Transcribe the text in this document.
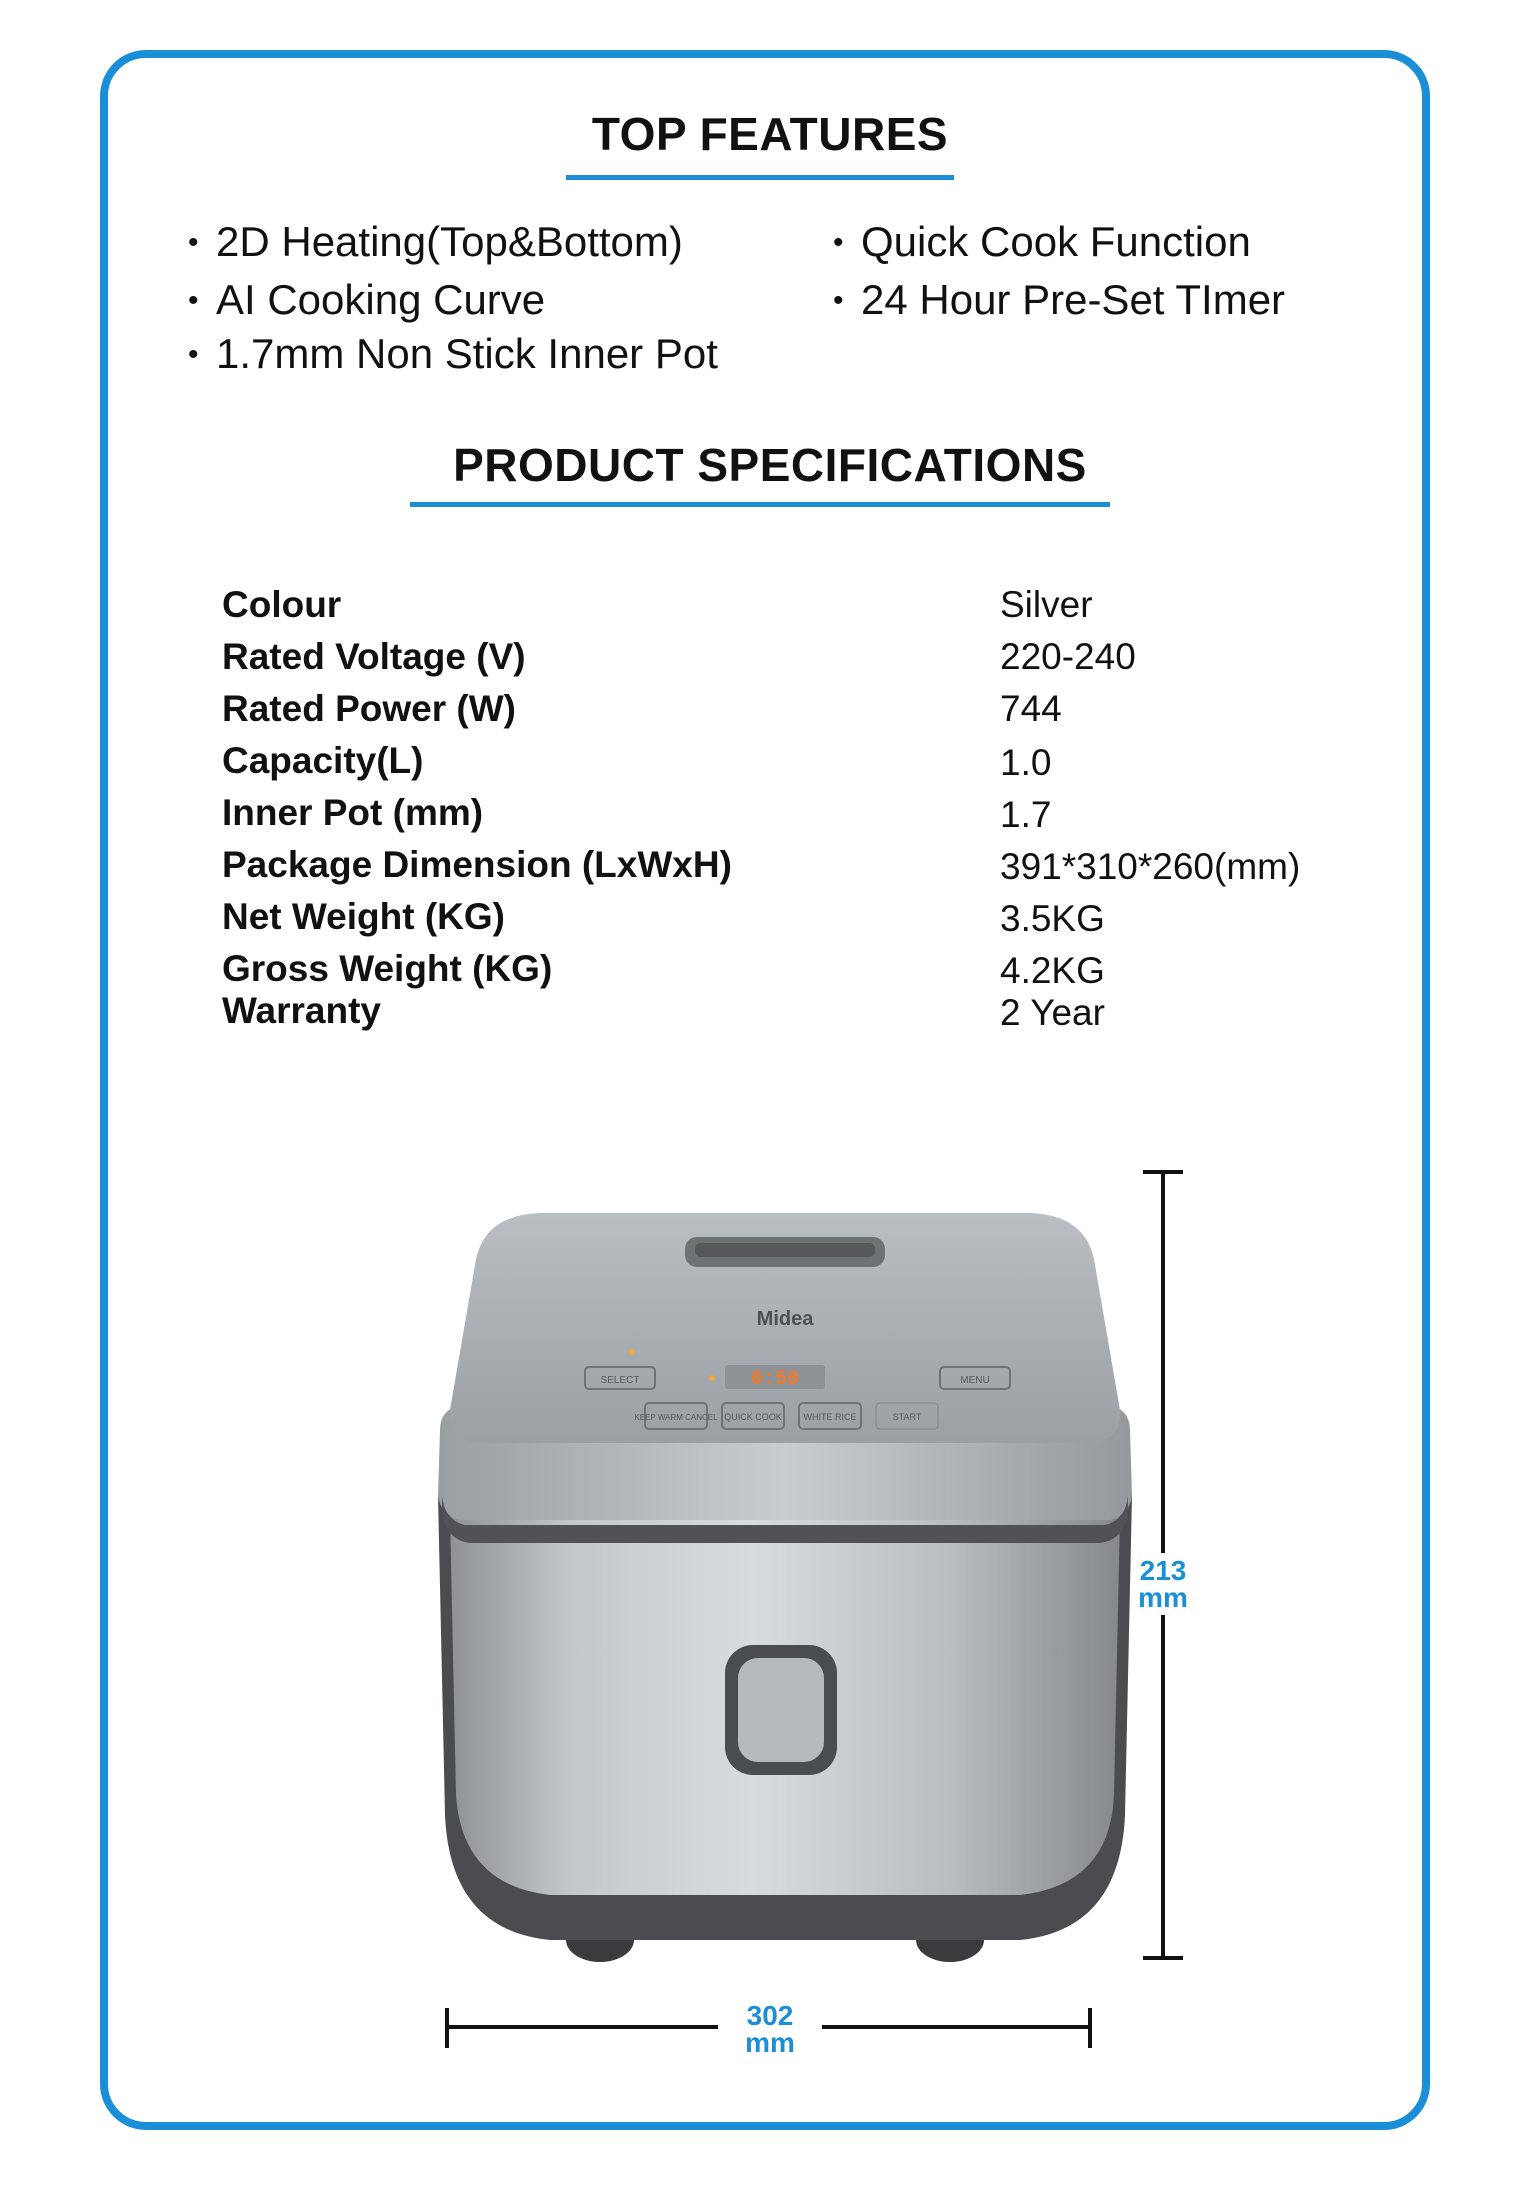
TOP FEATURES
• 2D Heating(Top&Bottom)
• AI Cooking Curve
• 1.7mm Non Stick Inner Pot
• Quick Cook Function
• 24 Hour Pre-Set TImer
PRODUCT SPECIFICATIONS
Colour	Silver
Rated Voltage (V)	220-240
Rated Power (W)	744
Capacity(L)	1.0
Inner Pot (mm)	1.7
Package Dimension (LxWxH)	391*310*260(mm)
Net Weight (KG)	3.5KG
Gross Weight (KG)	4.2KG
Warranty	2 Year
Midea
SELECT	0:50	MENU
KEEP WARM CANCEL QUICK COOK WHITE RICE	START
213
mm
302
mm
